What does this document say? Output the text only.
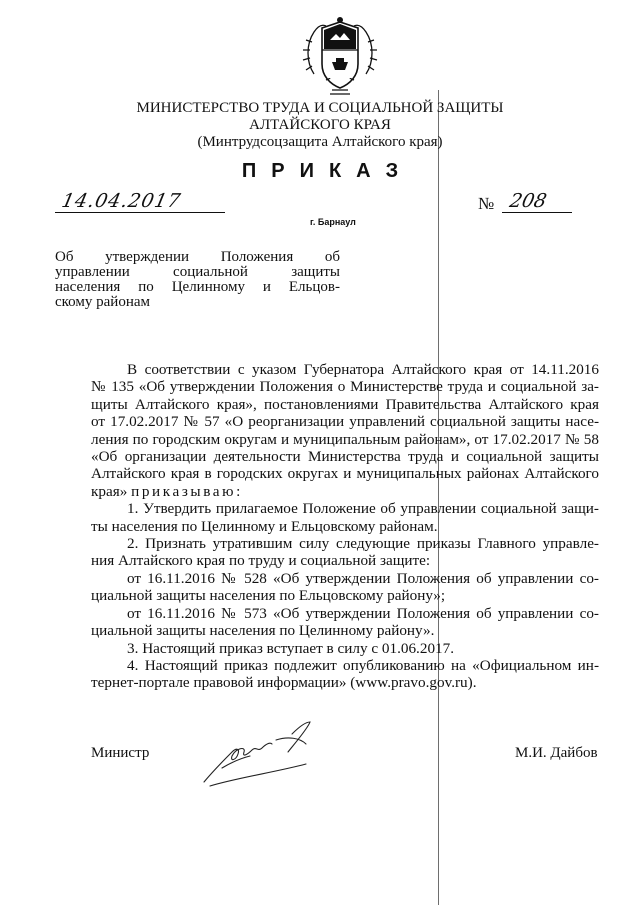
МИНИСТЕРСТВО ТРУДА И СОЦИАЛЬНОЙ ЗАЩИТЫ
АЛТАЙСКОГО КРАЯ
(Минтрудсоцзащита Алтайского края)
ПРИКАЗ
14.04.2017	№ 208
г. Барнаул
Об утверждении Положения об
управлении социальной защиты
населения по Целинному и Ельцов-
скому районам
В соответствии с указом Губернатора Алтайского края от 14.11.2016
№ 135 «Об утверждении Положения о Министерстве труда и социальной за-
щиты Алтайского края», постановлениями Правительства Алтайского края
от 17.02.2017 № 57 «О реорганизации управлений социальной защиты насе-
ления по городским округам и муниципальным районам», от 17.02.2017 № 58
«Об организации деятельности Министерства труда и социальной защиты
Алтайского края в городских округах и муниципальных районах Алтайского
края» приказываю:
1. Утвердить прилагаемое Положение об управлении социальной защи-
ты населения по Целинному и Ельцовскому районам.
2. Признать утратившим силу следующие приказы Главного управле-
ния Алтайского края по труду и социальной защите:
от 16.11.2016 № 528 «Об утверждении Положения об управлении со-
циальной защиты населения по Ельцовскому району»;
от 16.11.2016 № 573 «Об утверждении Положения об управлении со-
циальной защиты населения по Целинному району».
3. Настоящий приказ вступает в силу с 01.06.2017.
4. Настоящий приказ подлежит опубликованию на «Официальном ин-
тернет-портале правовой информации» (www.pravo.gov.ru).
Министр	М.И. Дайбов
